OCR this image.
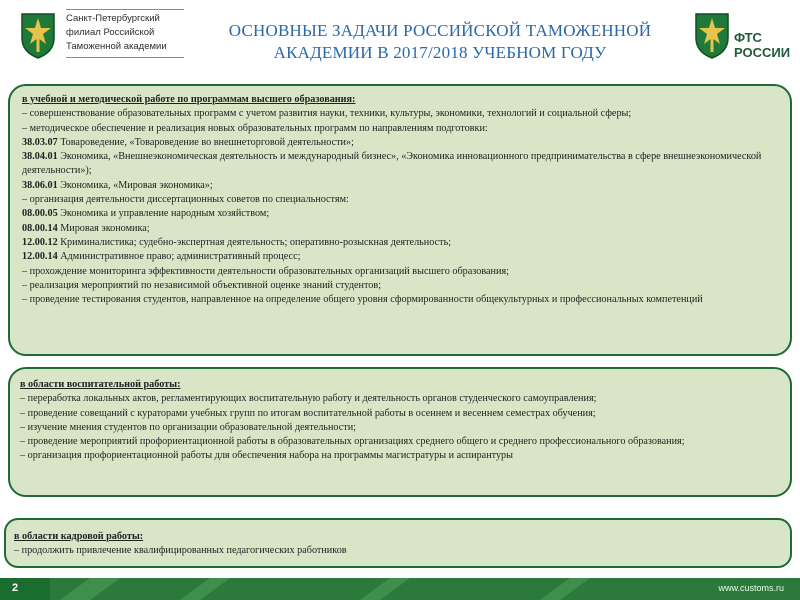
Санкт-Петербургский
филиал Российской
Таможенной академии
ОСНОВНЫЕ ЗАДАЧИ РОССИЙСКОЙ ТАМОЖЕННОЙ
АКАДЕМИИ В 2017/2018 УЧЕБНОМ ГОДУ
ФТС
РОССИИ
в учебной и методической работе по программам высшего образования:
– совершенствование образовательных программ с учетом развития науки, техники, культуры, экономики, технологий и социальной сферы;
– методическое обеспечение и реализация новых образовательных программ по направлениям подготовки:
38.03.07 Товароведение, «Товароведение во внешнеторговой деятельности»;
38.04.01 Экономика, «Внешнеэкономическая деятельность и международный бизнес», «Экономика инновационного предпринимательства в сфере внешнеэкономической деятельности»);
38.06.01 Экономика, «Мировая экономика»;
– организация деятельности диссертационных советов по специальностям:
08.00.05 Экономика и управление народным хозяйством;
08.00.14 Мировая экономика;
12.00.12 Криминалистика; судебно-экспертная деятельность; оперативно-розыскная деятельность;
12.00.14 Административное право; административный процесс;
– прохождение мониторинга эффективности деятельности образовательных организаций высшего образования;
– реализация мероприятий по независимой объективной оценке знаний студентов;
– проведение тестирования студентов, направленное на определение общего уровня сформированности общекультурных и профессиональных компетенций
в области воспитательной работы:
– переработка локальных актов, регламентирующих воспитательную работу и деятельность органов студенческого самоуправления;
– проведение совещаний с кураторами учебных групп по итогам воспитательной работы в осеннем и весеннем семестрах обучения;
– изучение мнения студентов по организации образовательной деятельности;
– проведение мероприятий профориентационной работы в образовательных организациях среднего общего и среднего профессионального образования;
– организация профориентационной работы для обеспечения набора на программы магистратуры и аспирантуры
в области кадровой работы:
– продолжить привлечение квалифицированных педагогических работников
2	www.customs.ru
